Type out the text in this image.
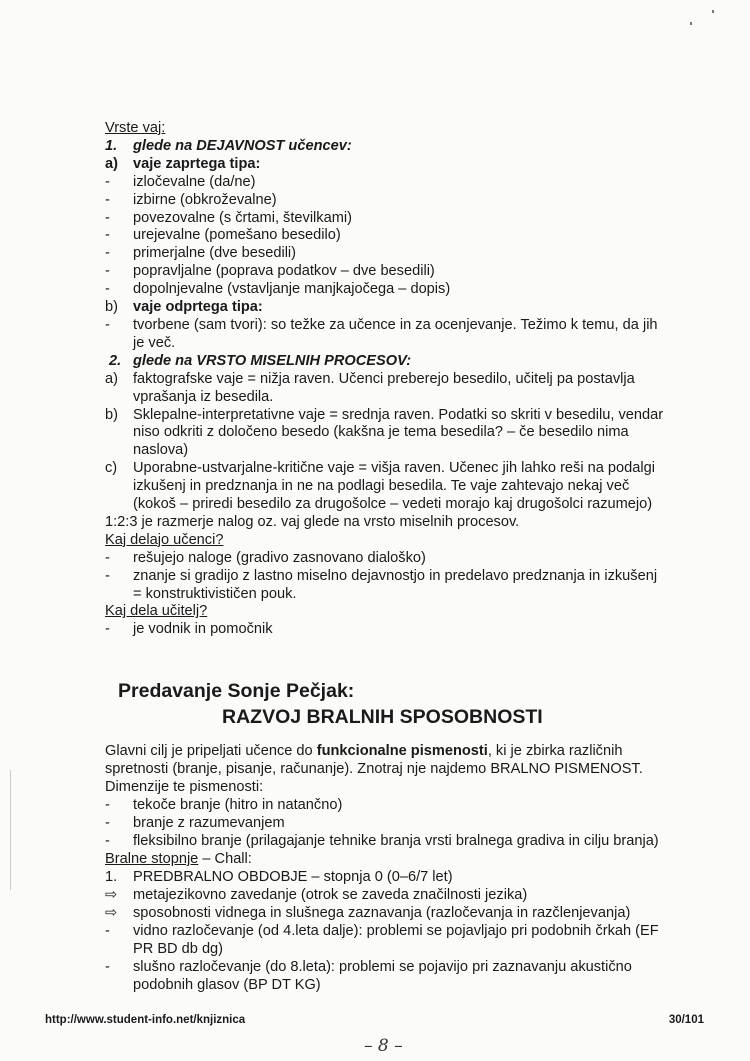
Vrste vaj:
1.	glede na DEJAVNOST učencev:
a)	vaje zaprtega tipa:
-	izločevalne (da/ne)
-	izbirne (obkroževalne)
-	povezovalne (s črtami, številkami)
-	urejevalne (pomešano besedilo)
-	primerjalne (dve besedili)
-	popravljalne (poprava podatkov – dve besedili)
-	dopolnjevalne (vstavljanje manjkajočega – dopis)
b)	vaje odprtega tipa:
-	tvorbene (sam tvori): so težke za učence in za ocenjevanje. Težimo k temu, da jih je več.
2. glede na VRSTO MISELNIH PROCESOV:
a)	faktografske vaje = nižja raven. Učenci preberejo besedilo, učitelj pa postavlja vprašanja iz besedila.
b)	Sklepalne-interpretativne vaje = srednja raven. Podatki so skriti v besedilu, vendar niso odkriti z določeno besedo (kakšna je tema besedila? – če besedilo nima naslova)
c)	Uporabne-ustvarjalne-kritične vaje = višja raven. Učenec jih lahko reši na podalgi izkušenj in predznanja in ne na podlagi besedila. Te vaje zahtevajo nekaj več (kokoš – priredi besedilo za drugošolce – vedeti morajo kaj drugošolci razumejo)
1:2:3 je razmerje nalog oz. vaj glede na vrsto miselnih procesov.
Kaj delajo učenci?
-	rešujejo naloge (gradivo zasnovano dialoško)
-	znanje si gradijo z lastno miselno dejavnostjo in predelavo predznanja in izkušenj = konstruktivističen pouk.
Kaj dela učitelj?
-	je vodnik in pomočnik
Predavanje Sonje Pečjak:
RAZVOJ BRALNIH SPOSOBNOSTI
Glavni cilj je pripeljati učence do funkcionalne pismenosti, ki je zbirka različnih spretnosti (branje, pisanje, računanje). Znotraj nje najdemo BRALNO PISMENOST. Dimenzije te pismenosti:
-	tekoče branje (hitro in natančno)
-	branje z razumevanjem
-	fleksibilno branje (prilagajanje tehnike branja vrsti bralnega gradiva in cilju branja)
Bralne stopnje – Chall:
1.	PREDBRALNO OBDOBJE – stopnja 0 (0–6/7 let)
⇨	metajezikovno zavedanje (otrok se zaveda značilnosti jezika)
⇨	sposobnosti vidnega in slušnega zaznavanja (razločevanja in razčlenjevanja)
-	vidno razločevanje (od 4.leta dalje): problemi se pojavljajo pri podobnih črkah (EF PR BD db dg)
-	slušno razločevanje (do 8.leta): problemi se pojavijo pri zaznavanju akustično podobnih glasov (BP DT KG)
http://www.student-info.net/knjiznica	30/101
– 8 –
